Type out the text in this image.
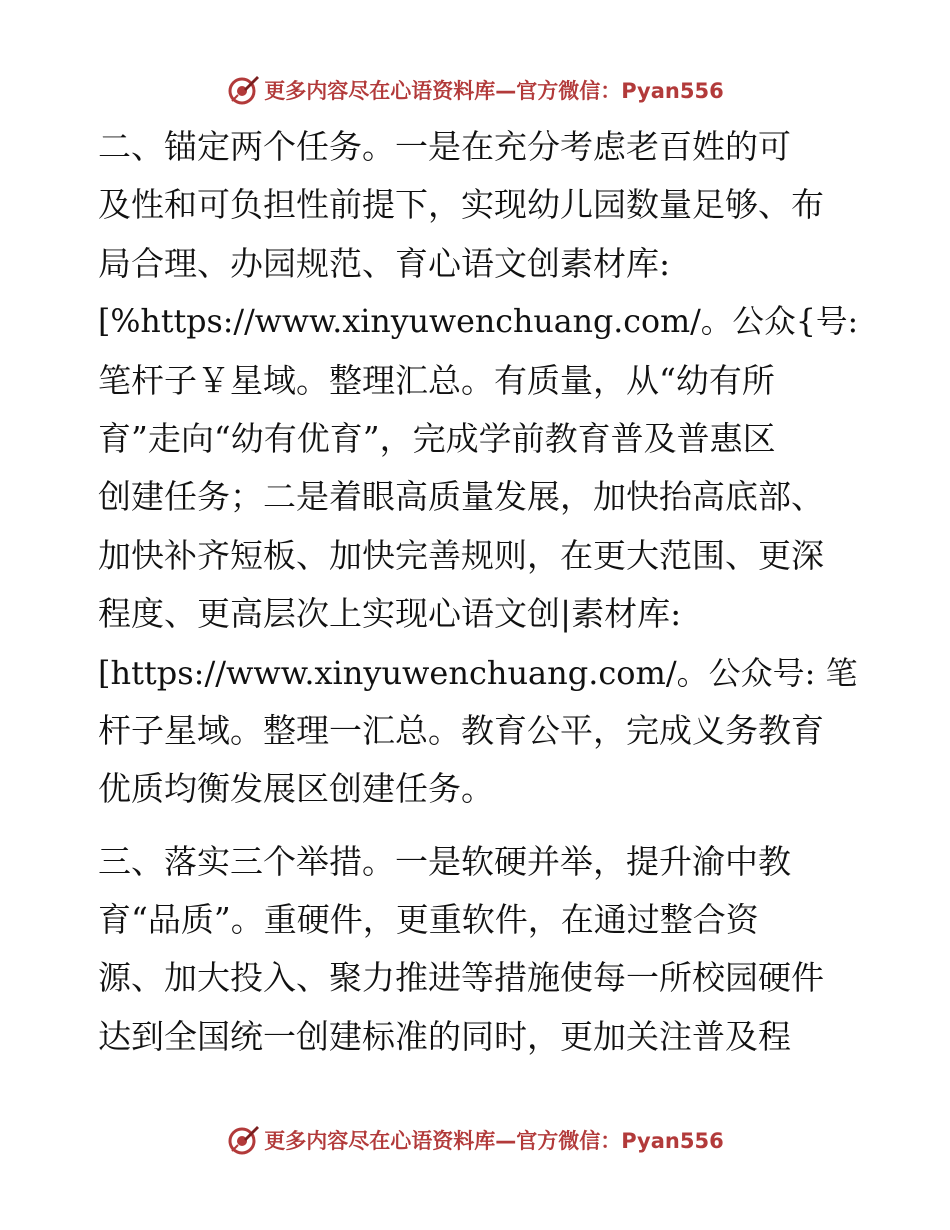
更多内容尽在心语资料库—官方微信：Pyan556
二、锚定两个任务。一是在充分考虑老百姓的可
及性和可负担性前提下，实现幼儿园数量足够、布
局合理、办园规范、育心语文创素材库:
[%https://www.xinyuwenchuang.com/。公众{号:
笔杆子￥星域。整理汇总。有质量，从“幼有所
育”走向“幼有优育”，完成学前教育普及普惠区
创建任务；二是着眼高质量发展，加快抬高底部、
加快补齐短板、加快完善规则，在更大范围、更深
程度、更高层次上实现心语文创|素材库:
[https://www.xinyuwenchuang.com/。公众号: 笔
杆子星域。整理一汇总。教育公平，完成义务教育
优质均衡发展区创建任务。
三、落实三个举措。一是软硬并举，提升渝中教
育“品质”。重硬件，更重软件，在通过整合资
源、加大投入、聚力推进等措施使每一所校园硬件
达到全国统一创建标准的同时，更加关注普及程
更多内容尽在心语资料库—官方微信：Pyan556
